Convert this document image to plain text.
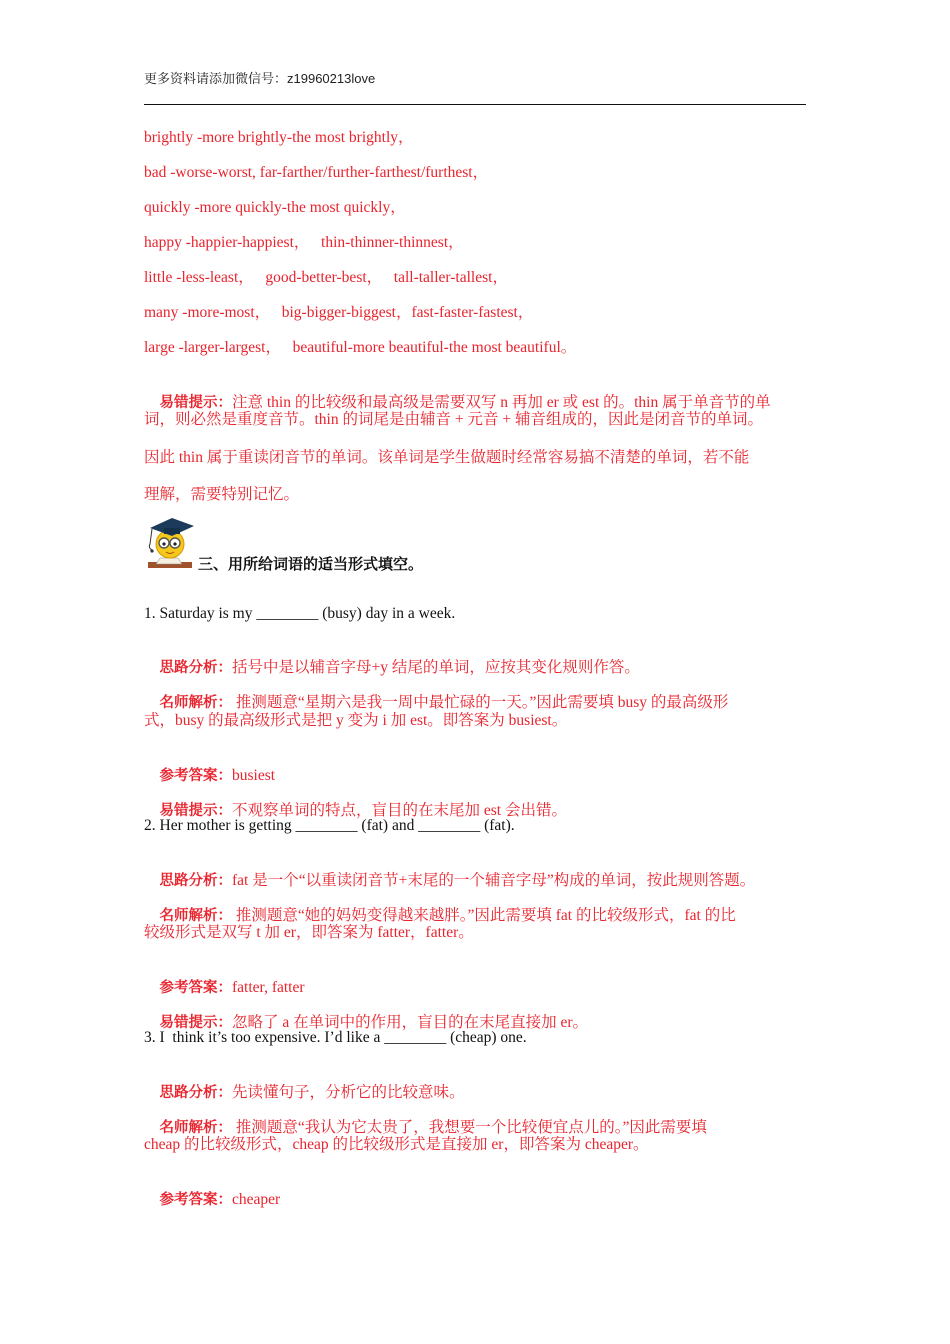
更多资料请添加微信号：z19960213love
brightly -more brightly-the most brightly，
bad -worse-worst, far-farther/further-farthest/furthest，
quickly -more quickly-the most quickly，
happy -happier-happiest，   thin-thinner-thinnest，
little -less-least，   good-better-best，   tall-taller-tallest，
many -more-most，   big-bigger-biggest，fast-faster-fastest，
large -larger-largest，   beautiful-more beautiful-the most beautiful。

易错提示：注意 thin 的比较级和最高级是需要双写 n 再加 er 或 est 的。thin 属于单音节的单

词，则必然是重度音节。thin 的词尾是由辅音 + 元音 + 辅音组成的，因此是闭音节的单词。
因此 thin 属于重读闭音节的单词。该单词是学生做题时经常容易搞不清楚的单词，若不能
理解，需要特别记忆。
三、用所给词语的适当形式填空。
1. Saturday is my ________ (busy) day in a week.

思路分析：括号中是以辅音字母+y 结尾的单词，应按其变化规则作答。

名师解析： 推测题意“星期六是我一周中最忙碌的一天。”因此需要填 busy 的最高级形

式，busy 的最高级形式是把 y 变为 i 加 est。即答案为 busiest。

参考答案：busiest

易错提示：不观察单词的特点，盲目的在末尾加 est 会出错。

2. Her mother is getting ________ (fat) and ________ (fat).

思路分析：fat 是一个“以重读闭音节+末尾的一个辅音字母”构成的单词，按此规则答题。

名师解析： 推测题意“她的妈妈变得越来越胖。”因此需要填 fat 的比较级形式，fat 的比

较级形式是双写 t 加 er，即答案为 fatter，fatter。

参考答案：fatter, fatter

易错提示：忽略了 a 在单词中的作用，盲目的在末尾直接加 er。

3. I  think it’s too expensive. I’d like a ________ (cheap) one.

思路分析：先读懂句子，分析它的比较意味。

名师解析： 推测题意“我认为它太贵了，我想要一个比较便宜点儿的。”因此需要填

cheap 的比较级形式，cheap 的比较级形式是直接加 er，即答案为 cheaper。

参考答案：cheaper
